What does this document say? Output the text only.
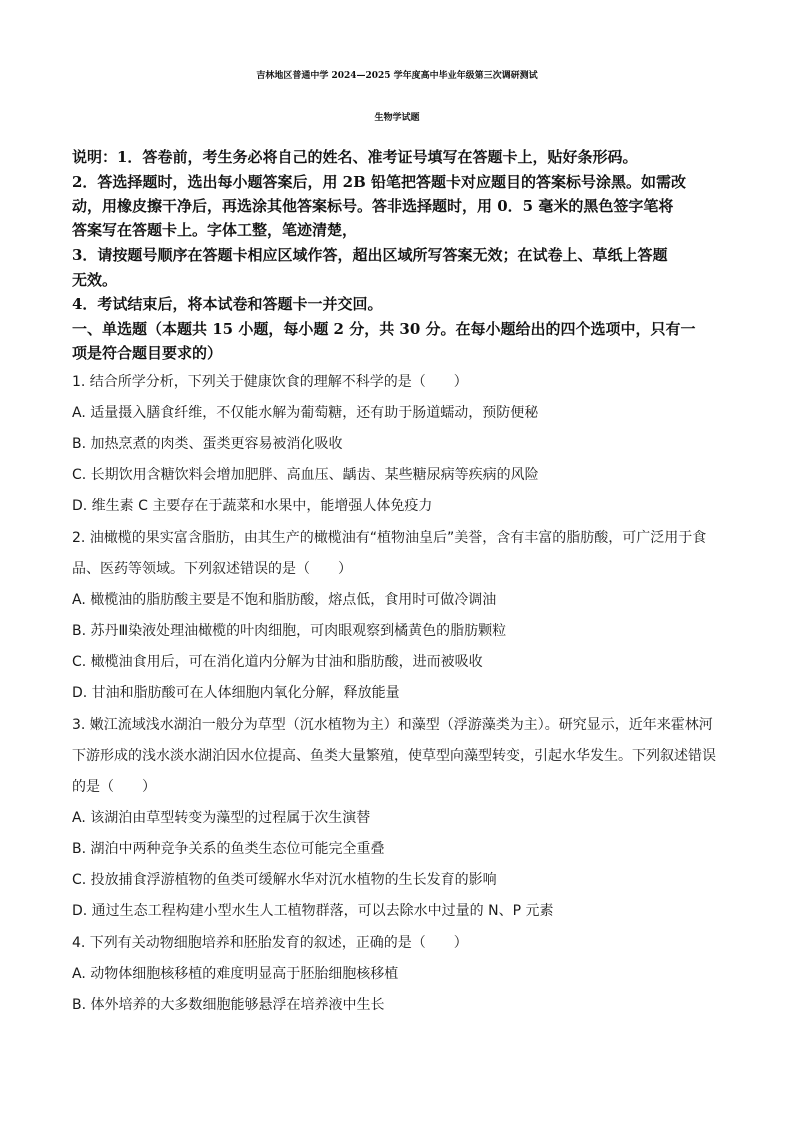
吉林地区普通中学 2024—2025 学年度高中毕业年级第三次调研测试
生物学试题
说明：1．答卷前，考生务必将自己的姓名、准考证号填写在答题卡上，贴好条形码。
2．答选择题时，选出每小题答案后，用 2B 铅笔把答题卡对应题目的答案标号涂黑。如需改
动，用橡皮擦干净后，再选涂其他答案标号。答非选择题时，用 0．5 毫米的黑色签字笔将
答案写在答题卡上。字体工整，笔迹清楚，
3．请按题号顺序在答题卡相应区域作答，超出区域所写答案无效；在试卷上、草纸上答题
无效。
4．考试结束后，将本试卷和答题卡一并交回。
一、单选题（本题共 15 小题，每小题 2 分，共 30 分。在每小题给出的四个选项中，只有一
项是符合题目要求的）
1. 结合所学分析，下列关于健康饮食的理解不科学的是（　　）
A. 适量摄入膳食纤维，不仅能水解为葡萄糖，还有助于肠道蠕动，预防便秘
B. 加热烹煮的肉类、蛋类更容易被消化吸收
C. 长期饮用含糖饮料会增加肥胖、高血压、龋齿、某些糖尿病等疾病的风险
D. 维生素 C 主要存在于蔬菜和水果中，能增强人体免疫力
2. 油橄榄的果实富含脂肪，由其生产的橄榄油有“植物油皇后”美誉，含有丰富的脂肪酸，可广泛用于食
品、医药等领域。下列叙述错误的是（　　）
A. 橄榄油的脂肪酸主要是不饱和脂肪酸，熔点低，食用时可做冷调油
B. 苏丹Ⅲ染液处理油橄榄的叶肉细胞，可肉眼观察到橘黄色的脂肪颗粒
C. 橄榄油食用后，可在消化道内分解为甘油和脂肪酸，进而被吸收
D. 甘油和脂肪酸可在人体细胞内氧化分解，释放能量
3. 嫩江流域浅水湖泊一般分为草型（沉水植物为主）和藻型（浮游藻类为主）。研究显示，近年来霍林河
下游形成的浅水淡水湖泊因水位提高、鱼类大量繁殖，使草型向藻型转变，引起水华发生。下列叙述错误
的是（　　）
A. 该湖泊由草型转变为藻型的过程属于次生演替
B. 湖泊中两种竞争关系的鱼类生态位可能完全重叠
C. 投放捕食浮游植物的鱼类可缓解水华对沉水植物的生长发育的影响
D. 通过生态工程构建小型水生人工植物群落，可以去除水中过量的 N、P 元素
4. 下列有关动物细胞培养和胚胎发育的叙述，正确的是（　　）
A. 动物体细胞核移植的难度明显高于胚胎细胞核移植
B. 体外培养的大多数细胞能够悬浮在培养液中生长
